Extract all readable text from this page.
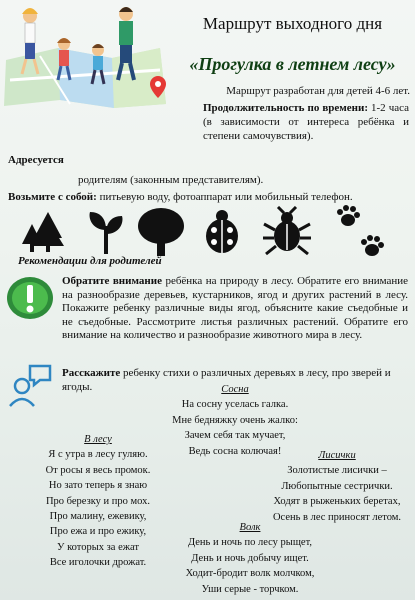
Маршрут выходного дня
«Прогулка в летнем лесу»
Маршрут разработан для детей 4-6 лет.
Продолжительность по времени: 1-2 часа (в зависимости от интереса ребёнка и степени самочувствия).
Адресуется
родителям (законным представителям).
Возьмите с собой: питьевую воду, фотоаппарат или мобильный телефон.
Рекомендации для родителей
Обратите внимание ребёнка на природу в лесу. Обратите его внимание на разнообразие деревьев, кустарников, ягод и других растений в лесу. Покажите ребенку различные виды ягод, объясните какие съедобные и не съедобные. Рассмотрите листья различных растений. Обратите его внимание на количество и разнообразие животного мира в лесу.
Расскажите ребенку стихи о различных деревьях в лесу, про зверей и ягоды.	Сосна
На сосну уселась галка.
Мне бедняжку очень жалко:
Зачем себя так мучает,
Ведь сосна колючая!
В лесу
Я с утра в лесу гуляю.
От росы я весь промок.
Но зато теперь я знаю
Про березку и про мох.
Про малину, ежевику,
Про ежа и про ежику,
У которых за ежат
Все иголочки дрожат.
Лисички
Золотистые лисички –
Любопытные сестрички.
Ходят в рыженьких беретах,
Осень в лес приносят летом.
Волк
День и ночь по лесу рыщет,
День и ночь добычу ищет.
Ходит-бродит волк молчком,
Уши серые - торчком.
